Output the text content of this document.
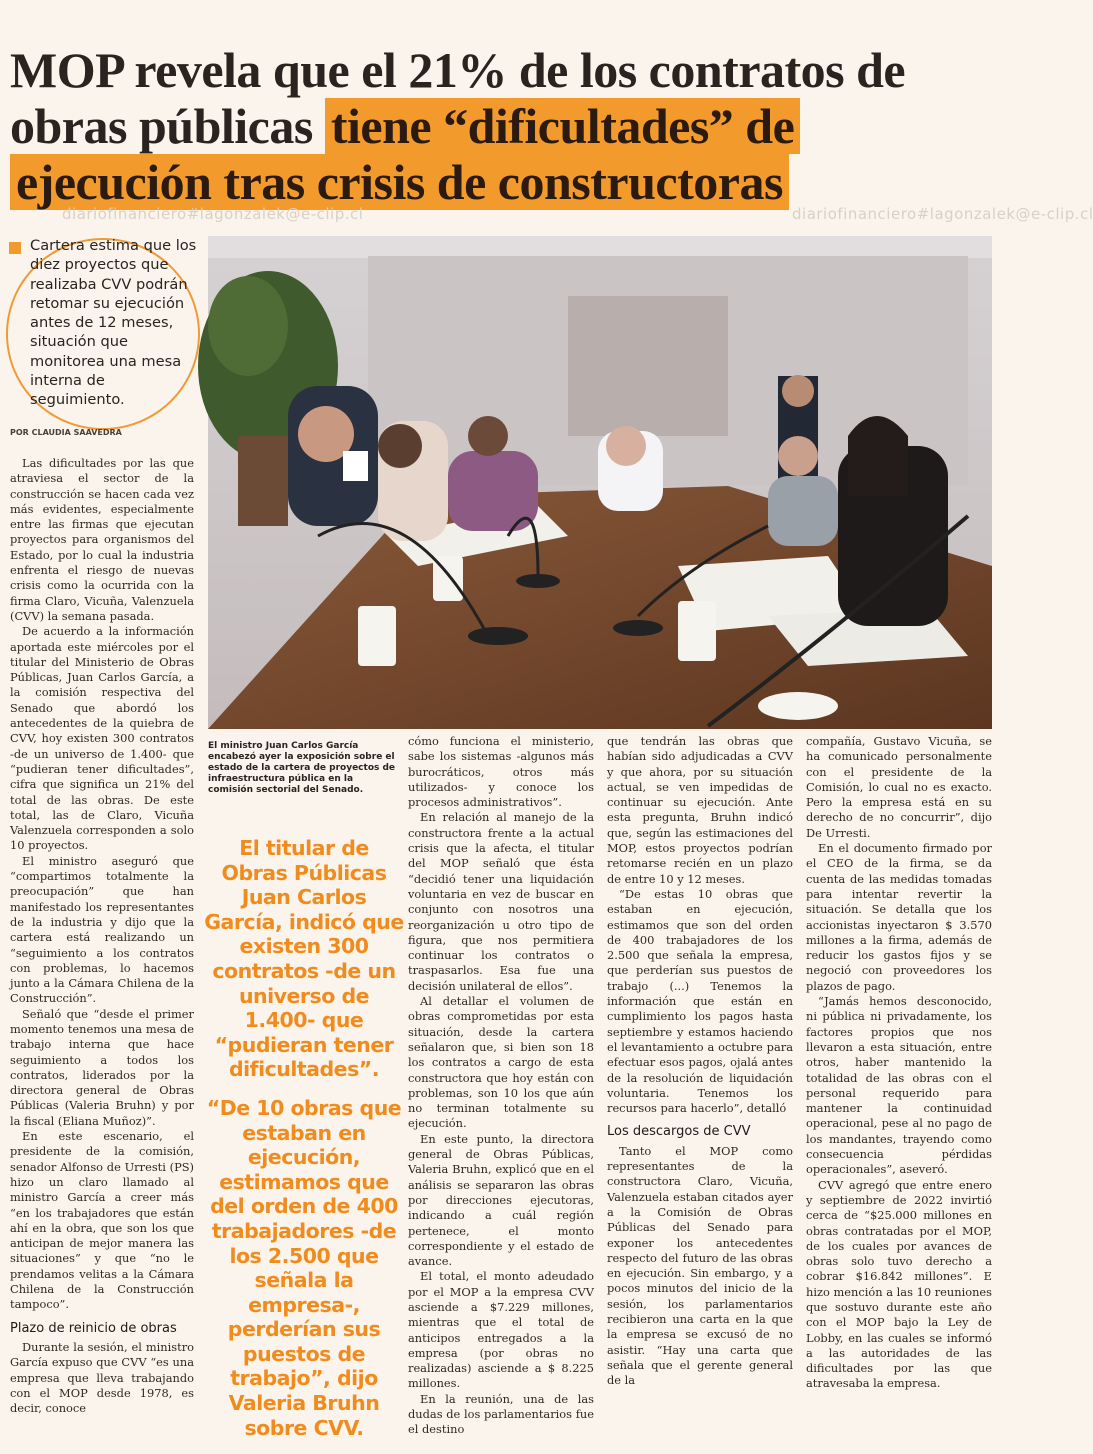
MOP revela que el 21% de los contratos de obras públicas tiene “dificultades” de ejecución tras crisis de constructoras
diariofinanciero#lagonzalek@e-clip.cl	diariofinanciero#lagonzalek@e-clip.cl
Cartera estima que los diez proyectos que realizaba CVV podrán retomar su ejecución antes de 12 meses, situación que monitorea una mesa interna de seguimiento.
POR CLAUDIA SAAVEDRA

Las dificultades por las que atraviesa el sector de la construcción se hacen cada vez más evidentes, especialmente entre las firmas que ejecutan proyectos para organismos del Estado, por lo cual la industria enfrenta el riesgo de nuevas crisis como la ocurrida con la firma Claro, Vicuña, Valenzuela (CVV) la semana pasada.

De acuerdo a la información aportada este miércoles por el titular del Ministerio de Obras Públicas, Juan Carlos García, a la comisión respectiva del Senado que abordó los antecedentes de la quiebra de CVV, hoy existen 300 contratos -de un universo de 1.400- que “pudieran tener dificultades”, cifra que significa un 21% del total de las obras. De este total, las de Claro, Vicuña Valenzuela corresponden a solo 10 proyectos.

El ministro aseguró que “compartimos totalmente la preocupación” que han manifestado los representantes de la industria y dijo que la cartera está realizando un “seguimiento a los contratos con problemas, lo hacemos junto a la Cámara Chilena de la Construcción”.

Señaló que “desde el primer momento tenemos una mesa de trabajo interna que hace seguimiento a todos los contratos, liderados por la directora general de Obras Públicas (Valeria Bruhn) y por la fiscal (Eliana Muñoz)”.

En este escenario, el presidente de la comisión, senador Alfonso de Urresti (PS) hizo un claro llamado al ministro García a creer más “en los trabajadores que están ahí en la obra, que son los que anticipan de mejor manera las situaciones” y que “no le prendamos velitas a la Cámara Chilena de la Construcción tampoco”.

Plazo de reinicio de obras

Durante la sesión, el ministro García expuso que CVV “es una empresa que lleva trabajando con el MOP desde 1978, es decir, conoce

El ministro Juan Carlos García encabezó ayer la exposición sobre el estado de la cartera de proyectos de infraestructura pública en la comisión sectorial del Senado.
El titular de Obras Públicas Juan Carlos García, indicó que existen 300 contratos -de un universo de 1.400- que “pudieran tener dificultades”.
“De 10 obras que estaban en ejecución, estimamos que del orden de 400 trabajadores -de los 2.500 que señala la empresa-, perderían sus puestos de trabajo”, dijo Valeria Bruhn sobre CVV.

cómo funciona el ministerio, sabe los sistemas -algunos más burocráticos, otros más utilizados- y conoce los procesos administrativos”.

En relación al manejo de la constructora frente a la actual crisis que la afecta, el titular del MOP señaló que ésta “decidió tener una liquidación voluntaria en vez de buscar en conjunto con nosotros una reorganización u otro tipo de figura, que nos permitiera continuar los contratos o traspasarlos. Esa fue una decisión unilateral de ellos”.

Al detallar el volumen de obras comprometidas por esta situación, desde la cartera señalaron que, si bien son 18 los contratos a cargo de esta constructora que hoy están con problemas, son 10 los que aún no terminan totalmente su ejecución.

En este punto, la directora general de Obras Públicas, Valeria Bruhn, explicó que en el análisis se separaron las obras por direcciones ejecutoras, indicando a cuál región pertenece, el monto correspondiente y el estado de avance.

El total, el monto adeudado por el MOP a la empresa CVV asciende a $7.229 millones, mientras que el total de anticipos entregados a la empresa (por obras no realizadas) asciende a $ 8.225 millones.

En la reunión, una de las dudas de los parlamentarios fue el destino

que tendrán las obras que habían sido adjudicadas a CVV y que ahora, por su situación actual, se ven impedidas de continuar su ejecución. Ante esta pregunta, Bruhn indicó que, según las estimaciones del MOP, estos proyectos podrían retomarse recién en un plazo de entre 10 y 12 meses.

“De estas 10 obras que estaban en ejecución, estimamos que son del orden de 400 trabajadores de los 2.500 que señala la empresa, que perderían sus puestos de trabajo (...) Tenemos la información que están en cumplimiento los pagos hasta septiembre y estamos haciendo el levantamiento a octubre para efectuar esos pagos, ojalá antes de la resolución de liquidación voluntaria. Tenemos los recursos para hacerlo”, detalló

Los descargos de CVV

Tanto el MOP como representantes de la constructora Claro, Vicuña, Valenzuela estaban citados ayer a la Comisión de Obras Públicas del Senado para exponer los antecedentes respecto del futuro de las obras en ejecución. Sin embargo, y a pocos minutos del inicio de la sesión, los parlamentarios recibieron una carta en la que la empresa se excusó de no asistir. “Hay una carta que señala que el gerente general de la

compañía, Gustavo Vicuña, se ha comunicado personalmente con el presidente de la Comisión, lo cual no es exacto. Pero la empresa está en su derecho de no concurrir”, dijo De Urresti.

En el documento firmado por el CEO de la firma, se da cuenta de las medidas tomadas para intentar revertir la situación. Se detalla que los accionistas inyectaron $ 3.570 millones a la firma, además de reducir los gastos fijos y se negoció con proveedores los plazos de pago.

“Jamás hemos desconocido, ni pública ni privadamente, los factores propios que nos llevaron a esta situación, entre otros, haber mantenido la totalidad de las obras con el personal requerido para mantener la continuidad operacional, pese al no pago de los mandantes, trayendo como consecuencia pérdidas operacionales”, aseveró.

CVV agregó que entre enero y septiembre de 2022 invirtió cerca de “$25.000 millones en obras contratadas por el MOP, de los cuales por avances de obras solo tuvo derecho a cobrar $16.842 millones”. E hizo mención a las 10 reuniones que sostuvo durante este año con el MOP bajo la Ley de Lobby, en las cuales se informó a las autoridades de las dificultades por las que atravesaba la empresa.
